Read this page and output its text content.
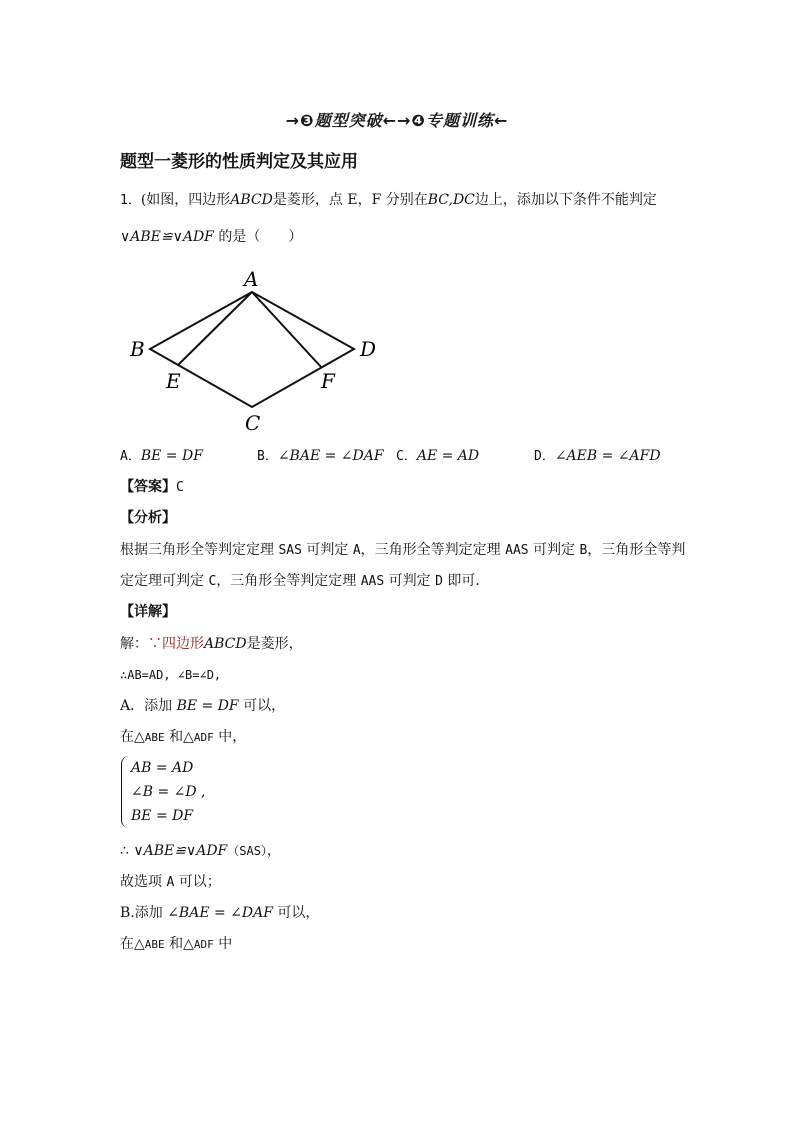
→❸题型突破←→❹专题训练←
题型一菱形的性质判定及其应用
1．(如图，四边形ABCD是菱形，点 E，F 分别在BC,DC边上，添加以下条件不能判定
∨ABE≌∨ADF 的是（　　）
A
B
C
D
E	F
A．BE = DF	B．∠BAE = ∠DAF C．AE = AD	D．∠AEB = ∠AFD
【答案】C
【分析】
根据三角形全等判定定理 SAS 可判定 A，三角形全等判定定理 AAS 可判定 B，三角形全等判
定定理可判定 C，三角形全等判定定理 AAS 可判定 D 即可．
【详解】
解：∵四边形ABCD是菱形，
∴AB=AD, ∠B=∠D,
A．添加 BE = DF 可以，
在△ABE 和△ADF 中，
AB = AD
∠B = ∠D ,
BE = DF
∴ ∨ABE≌∨ADF（SAS），
故选项 A 可以；
B.添加 ∠BAE = ∠DAF 可以，
在△ABE 和△ADF 中
